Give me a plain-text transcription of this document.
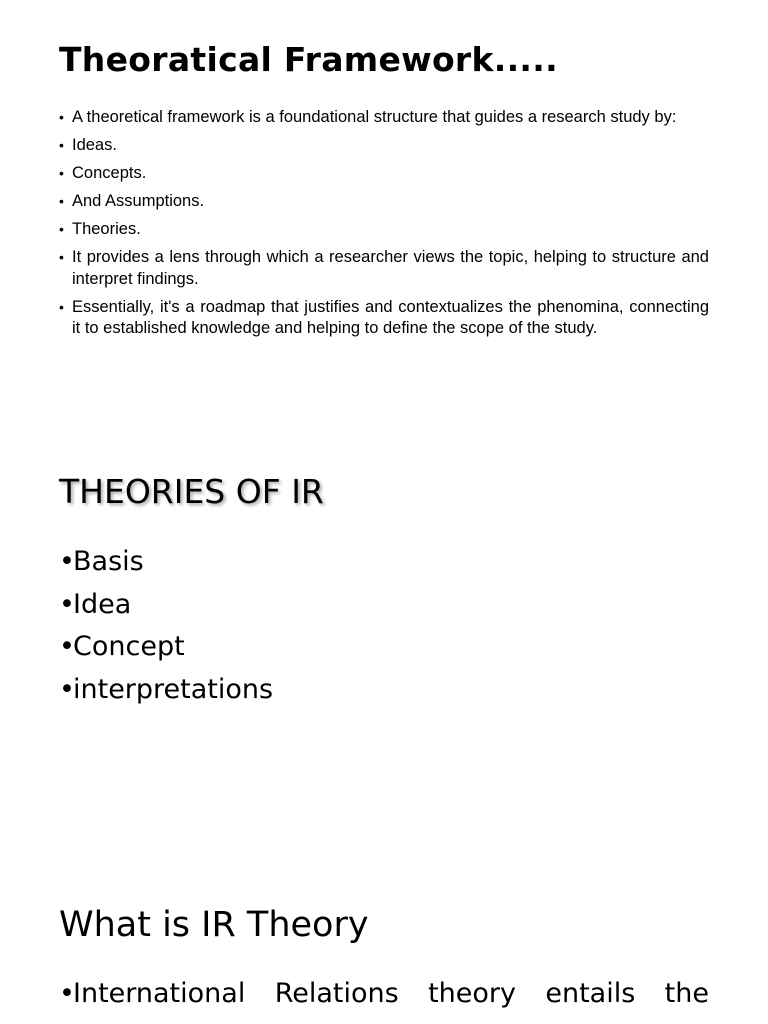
Theoratical Framework.....
• A theoretical framework is a foundational structure that guides a research study by:
• Ideas.
• Concepts.
• And Assumptions.
• Theories.
• It provides a lens through which a researcher views the topic, helping to structure and interpret findings.
• Essentially, it's a roadmap that justifies and contextualizes the phenomina, connecting it to established knowledge and helping to define the scope of the study.
THEORIES OF IR
• Basis
• Idea
• Concept
• interpretations
What is IR Theory
• International Relations theory entails the
